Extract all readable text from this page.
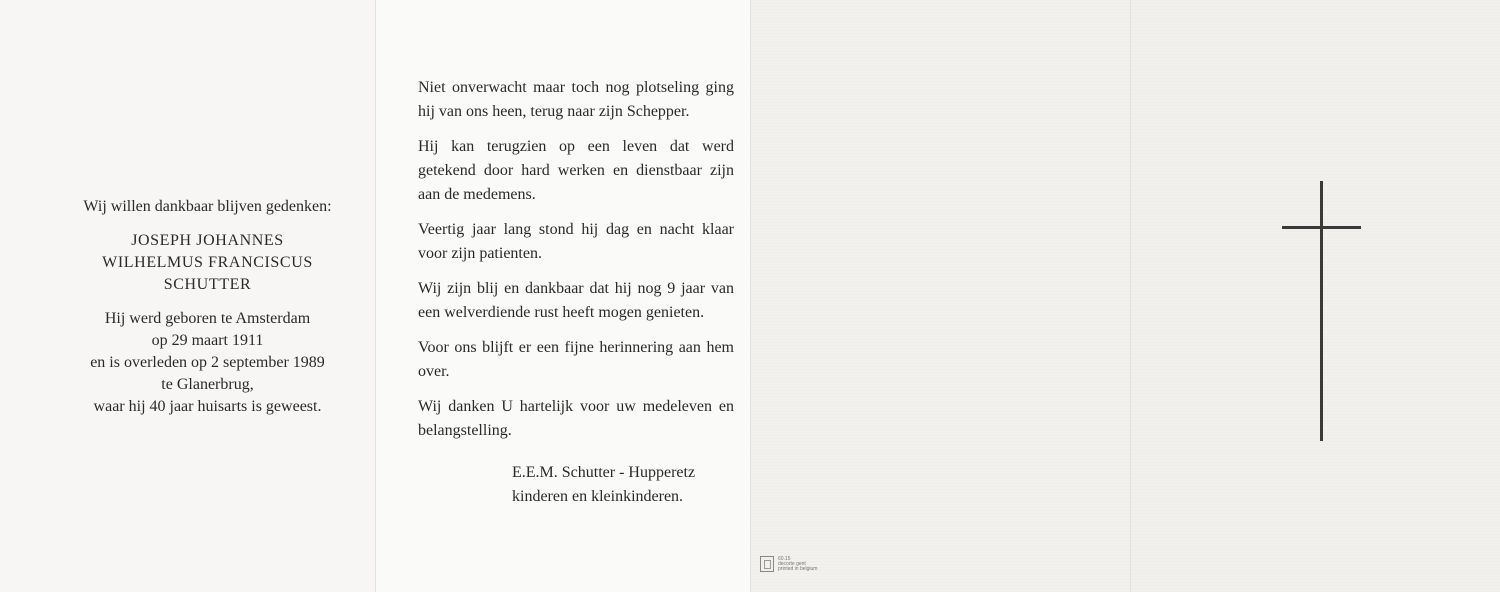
Wij willen dankbaar blijven gedenken:

JOSEPH JOHANNES
WILHELMUS FRANCISCUS
SCHUTTER
Hij werd geboren te Amsterdam
op 29 maart 1911
en is overleden op 2 september 1989
te Glanerbrug,
waar hij 40 jaar huisarts is geweest.

Niet onverwacht maar toch nog plotseling ging hij van ons heen, terug naar zijn Schepper.

Hij kan terugzien op een leven dat werd getekend door hard werken en dienstbaar zijn aan de medemens.

Veertig jaar lang stond hij dag en nacht klaar voor zijn patienten.

Wij zijn blij en dankbaar dat hij nog 9 jaar van een welverdiende rust heeft mogen genieten.

Voor ons blijft er een fijne herinnering aan hem over.

Wij danken U hartelijk voor uw medeleven en belangstelling.

E.E.M. Schutter - Hupperetz
kinderen en kleinkinderen.
60.15
decorte gent
printed in belgium
